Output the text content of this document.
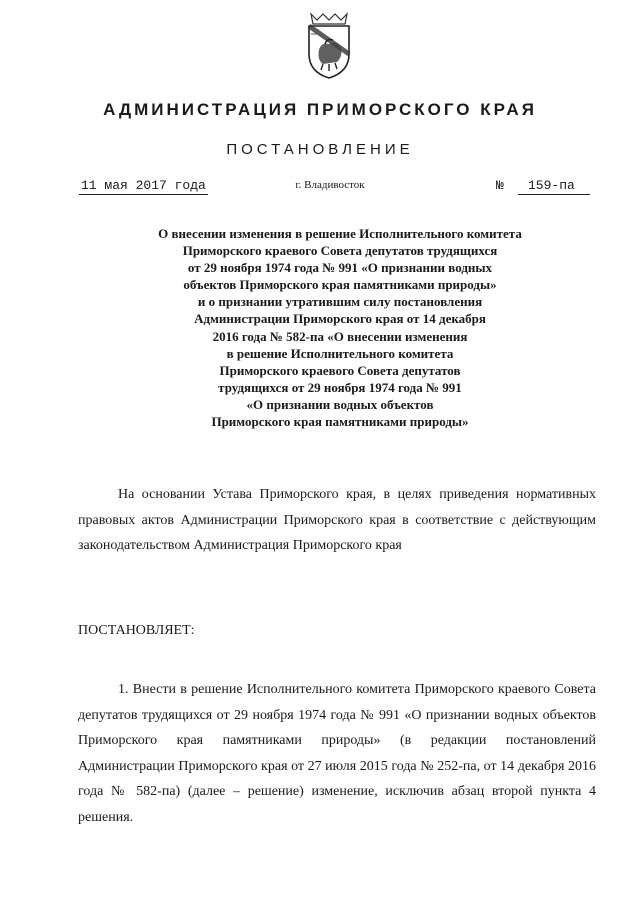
АДМИНИСТРАЦИЯ ПРИМОРСКОГО КРАЯ
ПОСТАНОВЛЕНИЕ
11 мая 2017 года	г. Владивосток	№	159-па
О внесении изменения в решение Исполнительного комитета
Приморского краевого Совета депутатов трудящихся
от 29 ноября 1974 года № 991 «О признании водных
объектов Приморского края памятниками природы»
и о признании утратившим силу постановления
Администрации Приморского края от 14 декабря
2016 года № 582-па «О внесении изменения
в решение Исполнительного комитета
Приморского краевого Совета депутатов
трудящихся от 29 ноября 1974 года № 991
«О признании водных объектов
Приморского края памятниками природы»
На основании Устава Приморского края, в целях приведения нормативных правовых актов Администрации Приморского края в соответствие с действующим законодательством Администрация Приморского края
ПОСТАНОВЛЯЕТ:
1. Внести в решение Исполнительного комитета Приморского краевого Совета депутатов трудящихся от 29 ноября 1974 года № 991 «О признании водных объектов Приморского края памятниками природы» (в редакции постановлений Администрации Приморского края от 27 июля 2015 года № 252-па, от 14 декабря 2016 года № 582-па) (далее – решение) изменение, исключив абзац второй пункта 4 решения.
